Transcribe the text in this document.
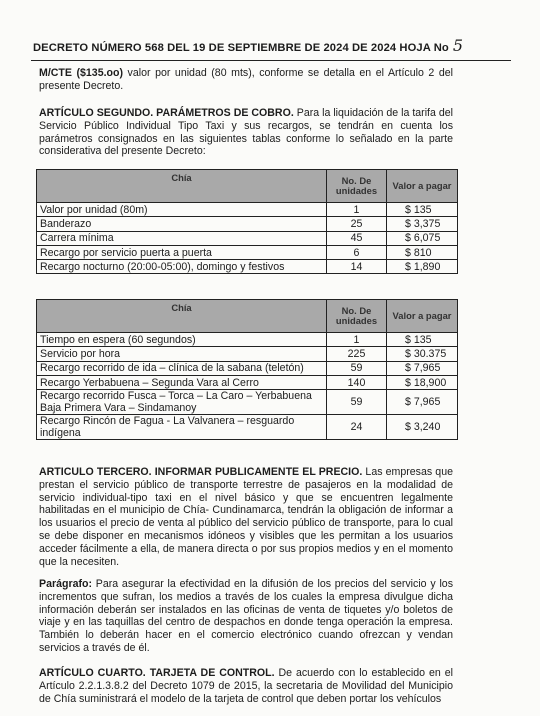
DECRETO NÚMERO 568 DEL 19 DE SEPTIEMBRE DE 2024 DE 2024 HOJA No 5
M/CTE ($135.oo) valor por unidad (80 mts), conforme se detalla en el Artículo 2 del presente Decreto.
ARTÍCULO SEGUNDO. PARÁMETROS DE COBRO. Para la liquidación de la tarifa del Servicio Público Individual Tipo Taxi y sus recargos, se tendrán en cuenta los parámetros consignados en las siguientes tablas conforme lo señalado en la parte considerativa del presente Decreto:
Chía	No. De unidades	Valor a pagar
Valor por unidad (80m)	1	$ 135
Banderazo	25	$ 3,375
Carrera mínima	45	$ 6,075
Recargo por servicio puerta a puerta	6	$ 810
Recargo nocturno (20:00-05:00), domingo y festivos	14	$ 1,890
Chía	No. De unidades	Valor a pagar
Tiempo en espera (60 segundos)	1	$ 135
Servicio por hora	225	$ 30.375
Recargo recorrido de ida – clínica de la sabana (teletón)	59	$ 7,965
Recargo Yerbabuena – Segunda Vara al Cerro	140	$ 18,900
Recargo recorrido Fusca – Torca – La Caro – Yerbabuena Baja Primera Vara – Sindamanoy	59	$ 7,965
Recargo Rincón de Fagua - La Valvanera – resguardo indígena	24	$ 3,240
ARTICULO TERCERO. INFORMAR PUBLICAMENTE EL PRECIO. Las empresas que prestan el servicio público de transporte terrestre de pasajeros en la modalidad de servicio individual-tipo taxi en el nivel básico y que se encuentren legalmente habilitadas en el municipio de Chía- Cundinamarca, tendrán la obligación de informar a los usuarios el precio de venta al público del servicio público de transporte, para lo cual se debe disponer en mecanismos idóneos y visibles que les permitan a los usuarios acceder fácilmente a ella, de manera directa o por sus propios medios y en el momento que la necesiten.
Parágrafo: Para asegurar la efectividad en la difusión de los precios del servicio y los incrementos que sufran, los medios a través de los cuales la empresa divulgue dicha información deberán ser instalados en las oficinas de venta de tiquetes y/o boletos de viaje y en las taquillas del centro de despachos en donde tenga operación la empresa. También lo deberán hacer en el comercio electrónico cuando ofrezcan y vendan servicios a través de él.
ARTÍCULO CUARTO. TARJETA DE CONTROL. De acuerdo con lo establecido en el Artículo 2.2.1.3.8.2 del Decreto 1079 de 2015, la secretaria de Movilidad del Municipio de Chía suministrará el modelo de la tarjeta de control que deben portar los vehículos
